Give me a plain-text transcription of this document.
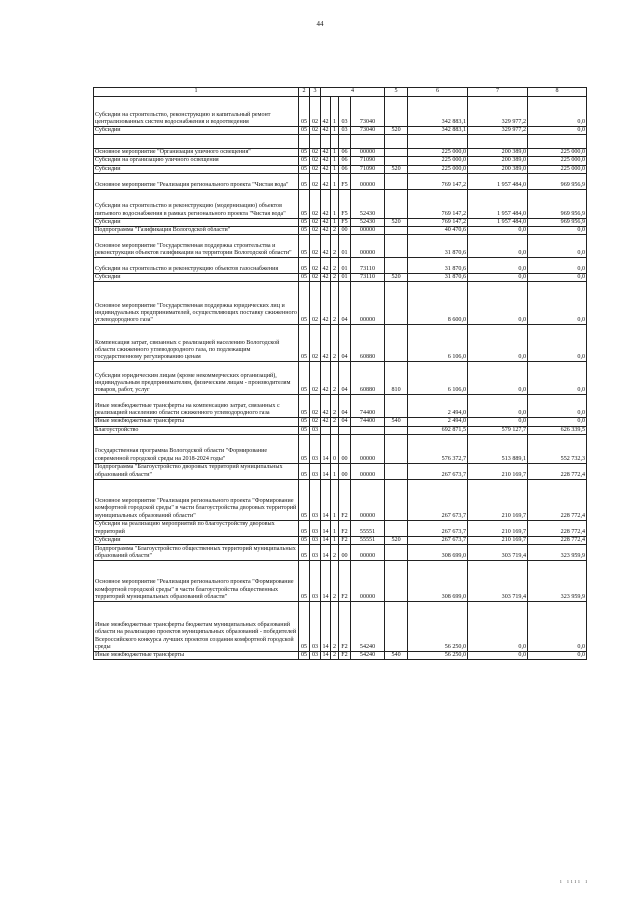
44
1	2	3	4				5	6	7	8
Субсидии на строительство, реконструкцию и капитальный ремонт централизованных систем водоснабжения и водоотведения	05	02	42	1	03	73040		342 883,1	329 977,2	0,0
Субсидии	05	02	42	1	03	73040	520	342 883,1	329 977,2	0,0

Основное мероприятие "Организация уличного освещения"	05	02	42	1	06	00000		225 000,0	200 389,0	225 000,0
Субсидии на организацию уличного освещения	05	02	42	1	06	71090		225 000,0	200 389,0	225 000,0
Субсидии	05	02	42	1	06	71090	520	225 000,0	200 389,0	225 000,0
Основное мероприятие "Реализация регионального проекта "Чистая вода"	05	02	42	1	F5	00000		769 147,2	1 957 484,0	969 956,9
Субсидии на строительство и реконструкцию (модернизацию) объектов питьевого водоснабжения в рамках регионального проекта "Чистая вода"	05	02	42	1	F5	52430		769 147,2	1 957 484,0	969 956,9
Субсидии	05	02	42	1	F5	52430	520	769 147,2	1 957 484,0	969 956,9
Подпрограмма "Газификация Вологодской области"	05	02	42	2	00	00000		40 470,6	0,0	0,0
Основное мероприятие "Государственная поддержка строительства и реконструкции объектов газификации на территории Вологодской области"	05	02	42	2	01	00000		31 870,6	0,0	0,0
Субсидии на строительство и реконструкцию объектов газоснабжения	05	02	42	2	01	73110		31 870,6	0,0	0,0
Субсидии	05	02	42	2	01	73110	520	31 870,6	0,0	0,0
Основное мероприятие "Государственная поддержка юридических лиц и индивидуальных предпринимателей, осуществляющих поставку сжиженного углеводородного газа"	05	02	42	2	04	00000		8 600,0	0,0	0,0
Компенсация затрат, связанных с реализацией населению Вологодской области сжиженного углеводородного газа, по подлежащим государственному регулированию ценам	05	02	42	2	04	60880		6 106,0	0,0	0,0
Субсидии юридическим лицам (кроме некоммерческих организаций), индивидуальным предпринимателям, физическим лицам - производителям товаров, работ, услуг	05	02	42	2	04	60880	810	6 106,0	0,0	0,0
Иные межбюджетные трансферты на компенсацию затрат, связанных с реализацией населению области сжиженного углеводородного газа	05	02	42	2	04	74400		2 494,0	0,0	0,0
Иные межбюджетные трансферты	05	02	42	2	04	74400	540	2 494,0	0,0	0,0
Благоустройство	05	03						692 871,5	579 127,7	626 339,5
Государственная программа Вологодской области "Формирование современной городской среды на 2018-2024 годы"	05	03	14	0	00	00000		576 372,7	513 889,1	552 732,3
Подпрограмма "Благоустройство дворовых территорий муниципальных образований области"	05	03	14	1	00	00000		267 673,7	210 169,7	228 772,4
Основное мероприятие "Реализация регионального проекта "Формирование комфортной городской среды" в части благоустройства дворовых территорий муниципальных образований области"	05	03	14	1	F2	00000		267 673,7	210 169,7	228 772,4
Субсидия на реализацию мероприятий по благоустройству дворовых территорий	05	03	14	1	F2	55551		267 673,7	210 169,7	228 772,4
Субсидии	05	03	14	1	F2	55551	520	267 673,7	210 169,7	228 772,4
Подпрограмма "Благоустройство общественных территорий муниципальных образований области"	05	03	14	2	00	00000		308 699,0	303 719,4	323 959,9
Основное мероприятие "Реализация регионального проекта "Формирование комфортной городской среды" в части благоустройства общественных территорий муниципальных образований области"	05	03	14	2	F2	00000		308 699,0	303 719,4	323 959,9
Иные межбюджетные трансферты бюджетам муниципальных образований области на реализацию проектов муниципальных образований - победителей Всероссийского конкурса лучших проектов создания комфортной городской среды	05	03	14	2	F2	54240		56 250,0	0,0	0,0
Иные межбюджетные трансферты	05	03	14	2	F2	54240	540	56 250,0	0,0	0,0
ı ıııı ı
